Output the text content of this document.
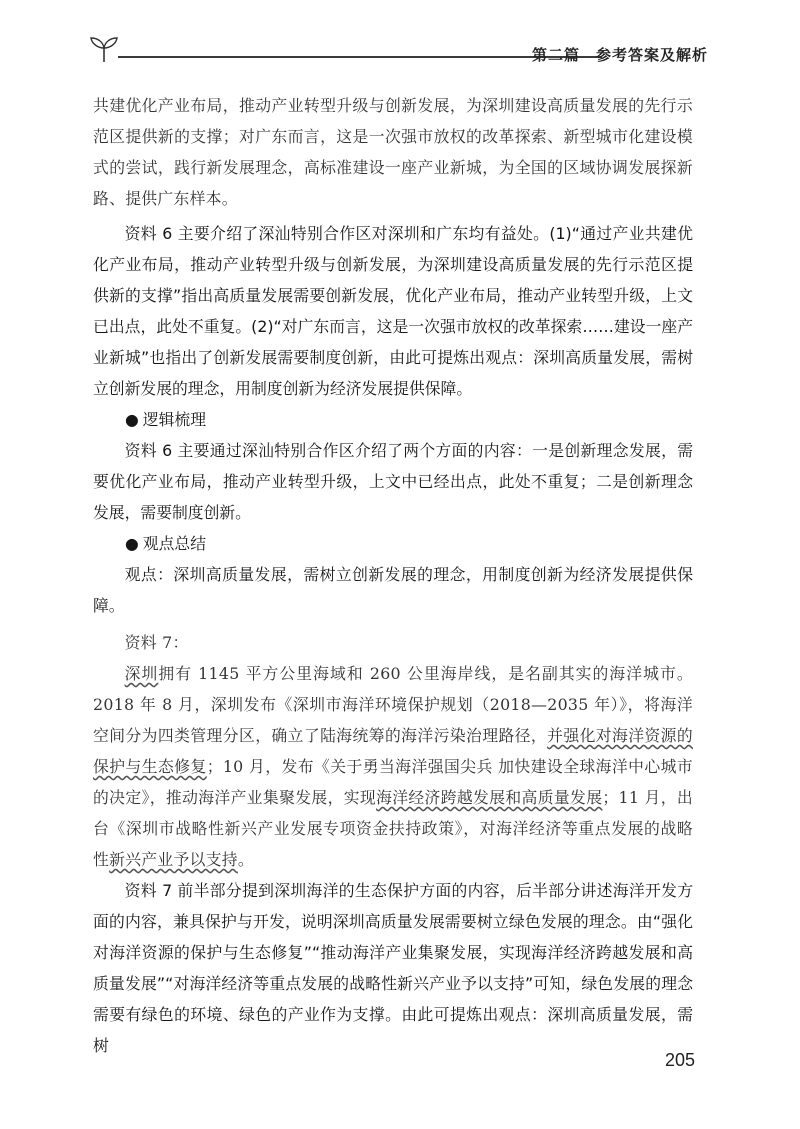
第二篇　参考答案及解析

共建优化产业布局，推动产业转型升级与创新发展，为深圳建设高质量发展的先行示范区提供新的支撑；对广东而言，这是一次强市放权的改革探索、新型城市化建设模式的尝试，践行新发展理念，高标准建设一座产业新城，为全国的区域协调发展探新路、提供广东样本。

资料 6 主要介绍了深汕特别合作区对深圳和广东均有益处。(1)“通过产业共建优化产业布局，推动产业转型升级与创新发展，为深圳建设高质量发展的先行示范区提供新的支撑”指出高质量发展需要创新发展，优化产业布局，推动产业转型升级，上文已出点，此处不重复。(2)“对广东而言，这是一次强市放权的改革探索……建设一座产业新城”也指出了创新发展需要制度创新，由此可提炼出观点：深圳高质量发展，需树立创新发展的理念，用制度创新为经济发展提供保障。

● 逻辑梳理

资料 6 主要通过深汕特别合作区介绍了两个方面的内容：一是创新理念发展，需要优化产业布局，推动产业转型升级，上文中已经出点，此处不重复；二是创新理念发展，需要制度创新。

● 观点总结

观点：深圳高质量发展，需树立创新发展的理念，用制度创新为经济发展提供保障。

资料 7：

深圳拥有 1145 平方公里海域和 260 公里海岸线，是名副其实的海洋城市。2018 年 8 月，深圳发布《深圳市海洋环境保护规划（2018—2035 年）》，将海洋空间分为四类管理分区，确立了陆海统筹的海洋污染治理路径，并强化对海洋资源的保护与生态修复；10 月，发布《关于勇当海洋强国尖兵 加快建设全球海洋中心城市的决定》，推动海洋产业集聚发展，实现海洋经济跨越发展和高质量发展；11 月，出台《深圳市战略性新兴产业发展专项资金扶持政策》，对海洋经济等重点发展的战略性新兴产业予以支持。

资料 7 前半部分提到深圳海洋的生态保护方面的内容，后半部分讲述海洋开发方面的内容，兼具保护与开发，说明深圳高质量发展需要树立绿色发展的理念。由“强化对海洋资源的保护与生态修复”“推动海洋产业集聚发展，实现海洋经济跨越发展和高质量发展”“对海洋经济等重点发展的战略性新兴产业予以支持”可知，绿色发展的理念需要有绿色的环境、绿色的产业作为支撑。由此可提炼出观点：深圳高质量发展，需树

205
